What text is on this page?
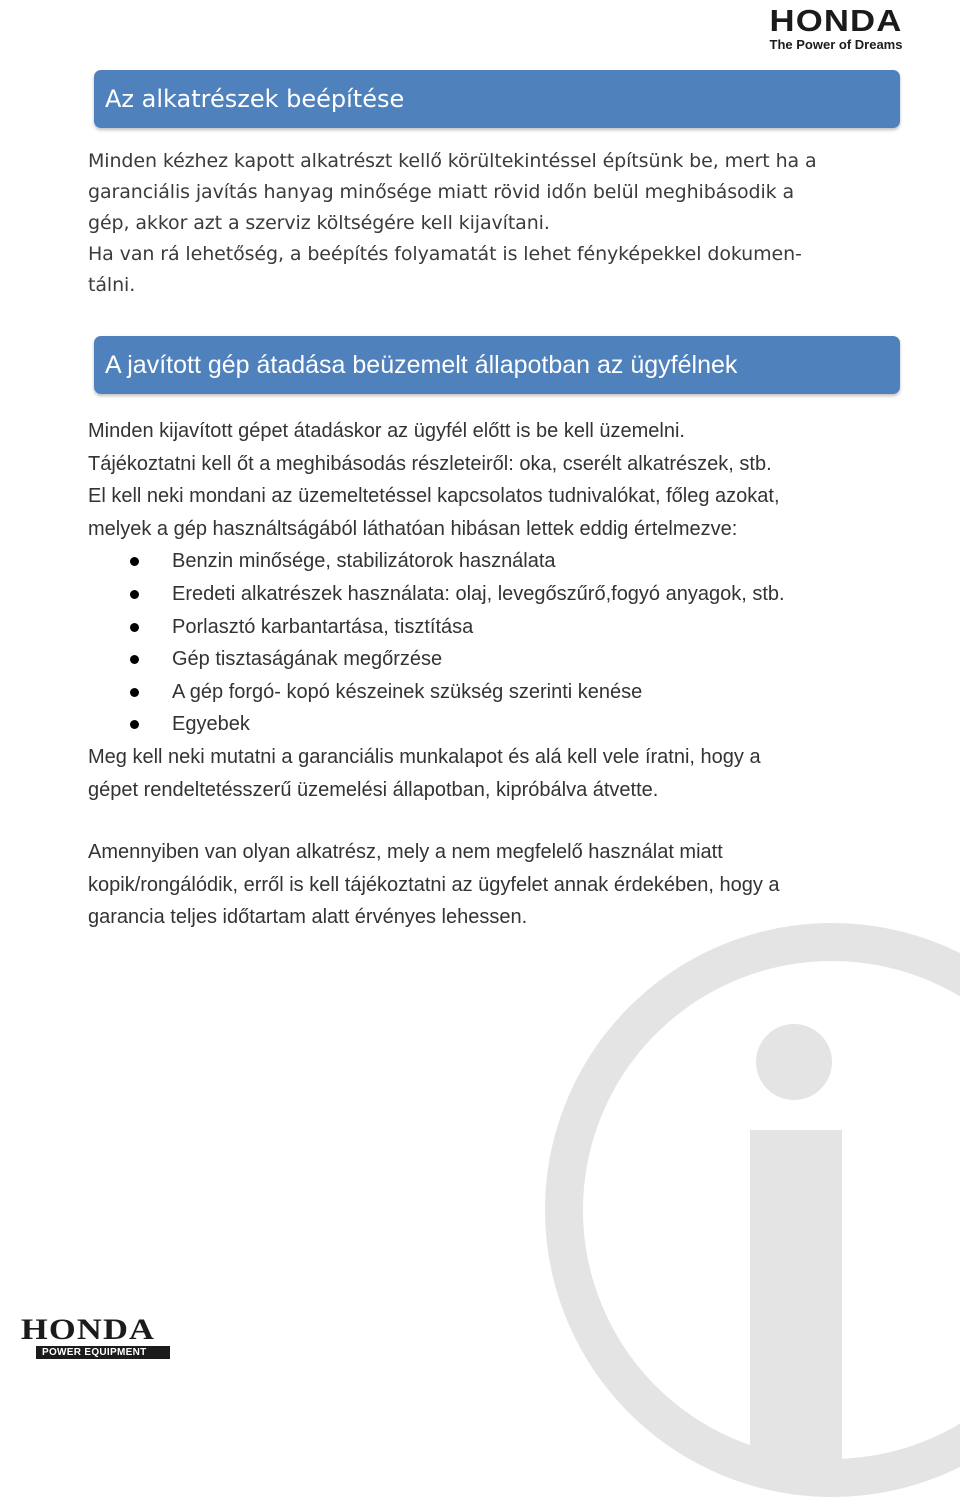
HONDA
The Power of Dreams
Az alkatrészek beépítése
Minden kézhez kapott alkatrészt kellő körültekintéssel építsünk be, mert ha a
garanciális javítás hanyag minősége miatt rövid időn belül meghibásodik a
gép, akkor azt a szerviz költségére kell kijavítani.
Ha van rá lehetőség, a beépítés folyamatát is lehet fényképekkel dokumen-
tálni.
A javított gép átadása beüzemelt állapotban az ügyfélnek
Minden kijavított gépet átadáskor az ügyfél előtt is be kell üzemelni.
Tájékoztatni kell őt a meghibásodás részleteiről: oka, cserélt alkatrészek, stb.
El kell neki mondani az üzemeltetéssel kapcsolatos tudnivalókat, főleg azokat,
melyek a gép használtságából láthatóan hibásan lettek eddig értelmezve:
Benzin minősége, stabilizátorok használata
Eredeti alkatrészek használata: olaj, levegőszűrő,fogyó anyagok, stb.
Porlasztó karbantartása, tisztítása
Gép tisztaságának megőrzése
A gép forgó- kopó készeinek szükség szerinti kenése
Egyebek
Meg kell neki mutatni a garanciális munkalapot és alá kell vele íratni, hogy a
gépet rendeltetésszerű üzemelési állapotban, kipróbálva átvette.
Amennyiben van olyan alkatrész, mely a nem megfelelő használat miatt
kopik/rongálódik, erről is kell tájékoztatni az ügyfelet annak érdekében, hogy a
garancia teljes időtartam alatt érvényes lehessen.
HONDA
POWER EQUIPMENT
